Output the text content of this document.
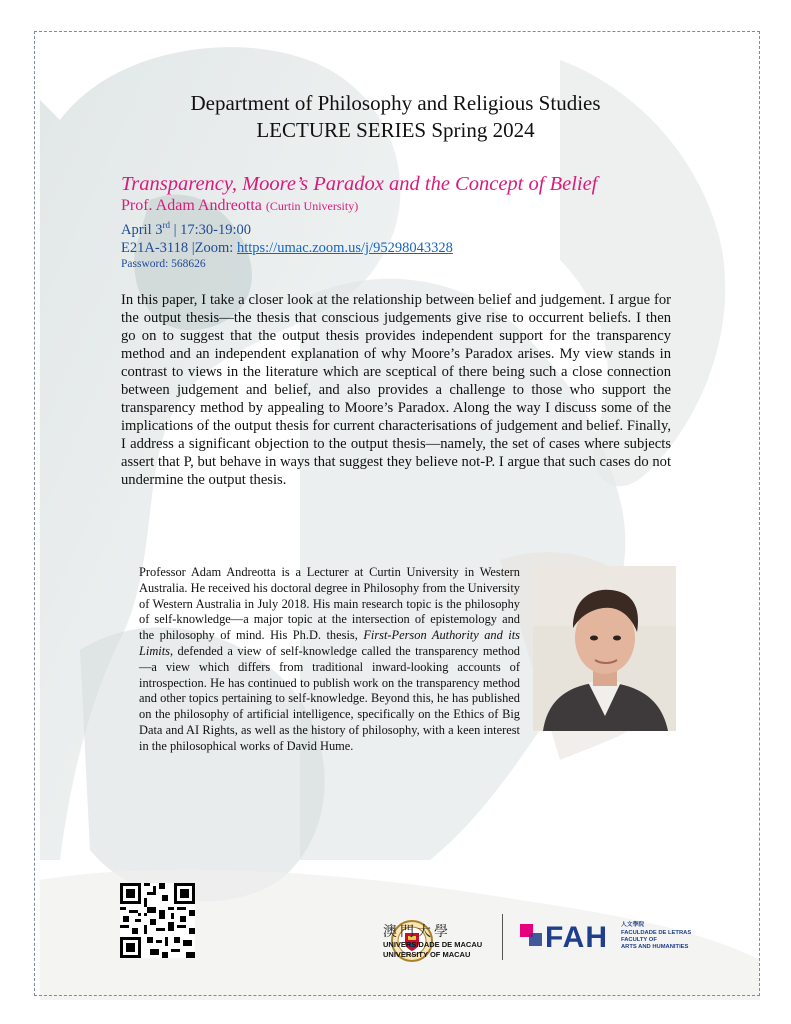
Department of Philosophy and Religious Studies
LECTURE SERIES Spring 2024
Transparency, Moore’s Paradox and the Concept of Belief
Prof. Adam Andreotta (Curtin University)
April 3rd | 17:30-19:00
E21A-3118 |Zoom: https://umac.zoom.us/j/95298043328
Password: 568626
In this paper, I take a closer look at the relationship between belief and judgement. I argue for the output thesis—the thesis that conscious judgements give rise to occurrent beliefs. I then go on to suggest that the output thesis provides independent support for the transparency method and an independent explanation of why Moore’s Paradox arises. My view stands in contrast to views in the literature which are sceptical of there being such a close connection between judgement and belief, and also provides a challenge to those who support the transparency method by appealing to Moore’s Paradox. Along the way I discuss some of the implications of the output thesis for current characterisations of judgement and belief. Finally, I address a significant objection to the output thesis—namely, the set of cases where subjects assert that P, but behave in ways that suggest they believe not-P. I argue that such cases do not undermine the output thesis.
Professor Adam Andreotta is a Lecturer at Curtin University in Western Australia. He received his doctoral degree in Philosophy from the University of Western Australia in July 2018. His main research topic is the philosophy of self-knowledge—a major topic at the intersection of epistemology and the philosophy of mind. His Ph.D. thesis, First-Person Authority and its Limits, defended a view of self-knowledge called the transparency method—a view which differs from traditional inward-looking accounts of introspection. He has continued to publish work on the transparency method and other topics pertaining to self-knowledge. Beyond this, he has published on the philosophy of artificial intelligence, specifically on the Ethics of Big Data and AI Rights, as well as the history of philosophy, with a keen interest in the philosophical works of David Hume.
澳門大學
UNIVERSIDADE DE MACAU
UNIVERSITY OF MACAU
FAH 人文學院
FACULDADE DE LETRAS
FACULTY OF
ARTS AND HUMANITIES
